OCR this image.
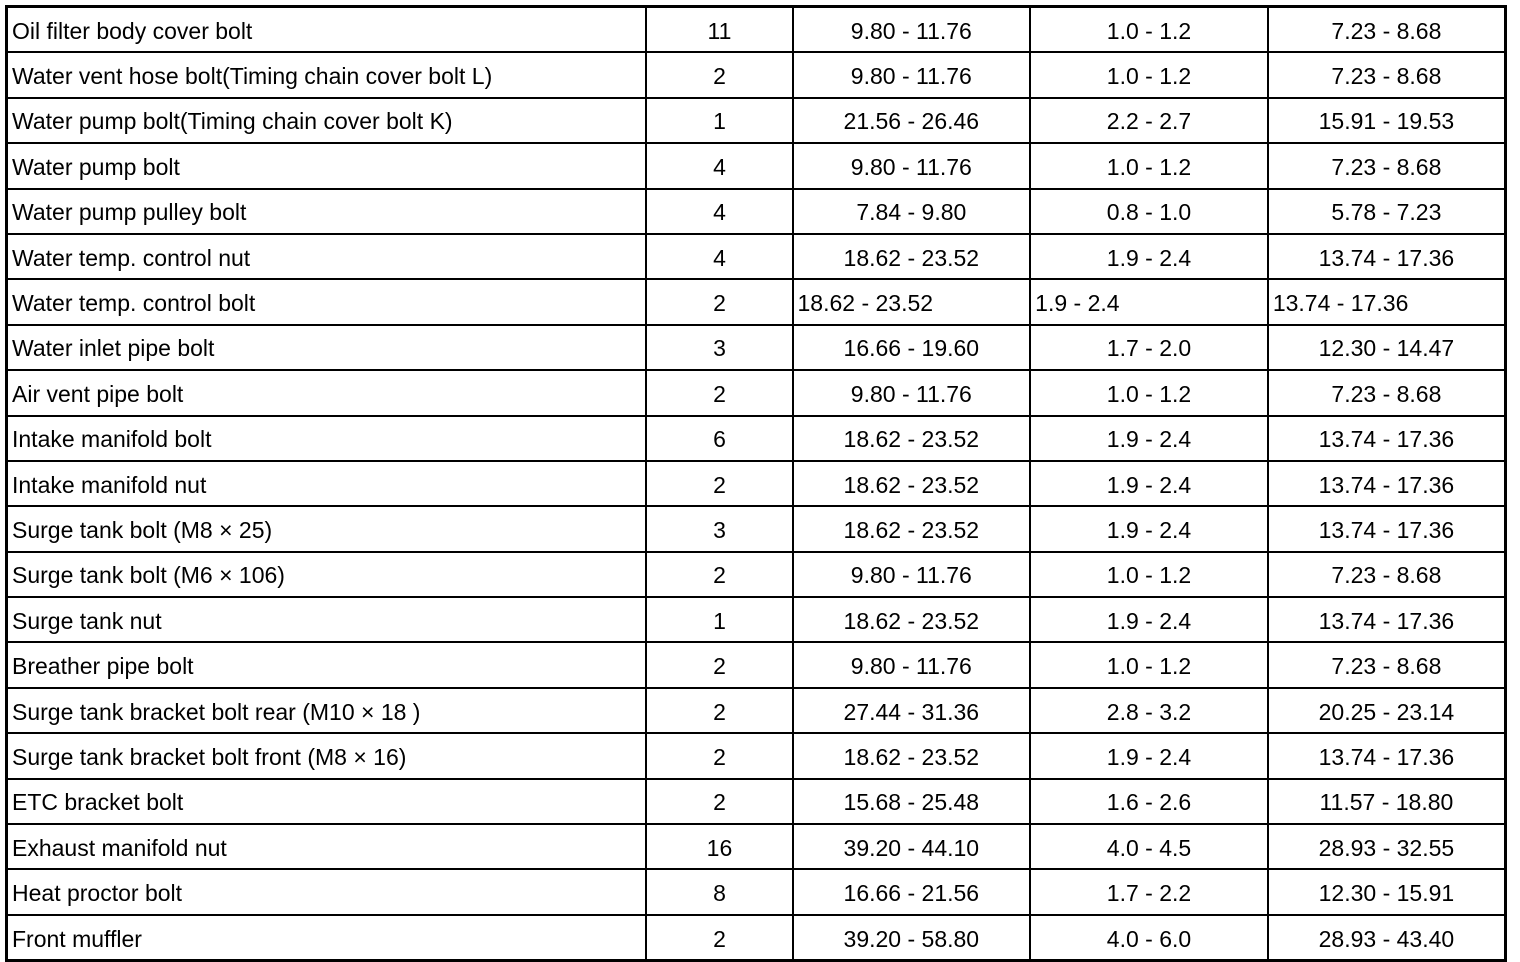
Oil filter body cover bolt	11	9.80 - 11.76	1.0 - 1.2	7.23 - 8.68
Water vent hose bolt(Timing chain cover bolt L)	2	9.80 - 11.76	1.0 - 1.2	7.23 - 8.68
Water pump bolt(Timing chain cover bolt K)	1	21.56 - 26.46	2.2 - 2.7	15.91 - 19.53
Water pump bolt	4	9.80 - 11.76	1.0 - 1.2	7.23 - 8.68
Water pump pulley bolt	4	7.84 - 9.80	0.8 - 1.0	5.78 - 7.23
Water temp. control nut	4	18.62 - 23.52	1.9 - 2.4	13.74 - 17.36
Water temp. control bolt	2	18.62 - 23.52	1.9 - 2.4	13.74 - 17.36
Water inlet pipe bolt	3	16.66 - 19.60	1.7 - 2.0	12.30 - 14.47
Air vent pipe bolt	2	9.80 - 11.76	1.0 - 1.2	7.23 - 8.68
Intake manifold bolt	6	18.62 - 23.52	1.9 - 2.4	13.74 - 17.36
Intake manifold nut	2	18.62 - 23.52	1.9 - 2.4	13.74 - 17.36
Surge tank bolt (M8 × 25)	3	18.62 - 23.52	1.9 - 2.4	13.74 - 17.36
Surge tank bolt (M6 × 106)	2	9.80 - 11.76	1.0 - 1.2	7.23 - 8.68
Surge tank nut	1	18.62 - 23.52	1.9 - 2.4	13.74 - 17.36
Breather pipe bolt	2	9.80 - 11.76	1.0 - 1.2	7.23 - 8.68
Surge tank bracket bolt rear (M10 × 18 )	2	27.44 - 31.36	2.8 - 3.2	20.25 - 23.14
Surge tank bracket bolt front (M8 × 16)	2	18.62 - 23.52	1.9 - 2.4	13.74 - 17.36
ETC bracket bolt	2	15.68 - 25.48	1.6 - 2.6	11.57 - 18.80
Exhaust manifold nut	16	39.20 - 44.10	4.0 - 4.5	28.93 - 32.55
Heat proctor bolt	8	16.66 - 21.56	1.7 - 2.2	12.30 - 15.91
Front muffler	2	39.20 - 58.80	4.0 - 6.0	28.93 - 43.40
